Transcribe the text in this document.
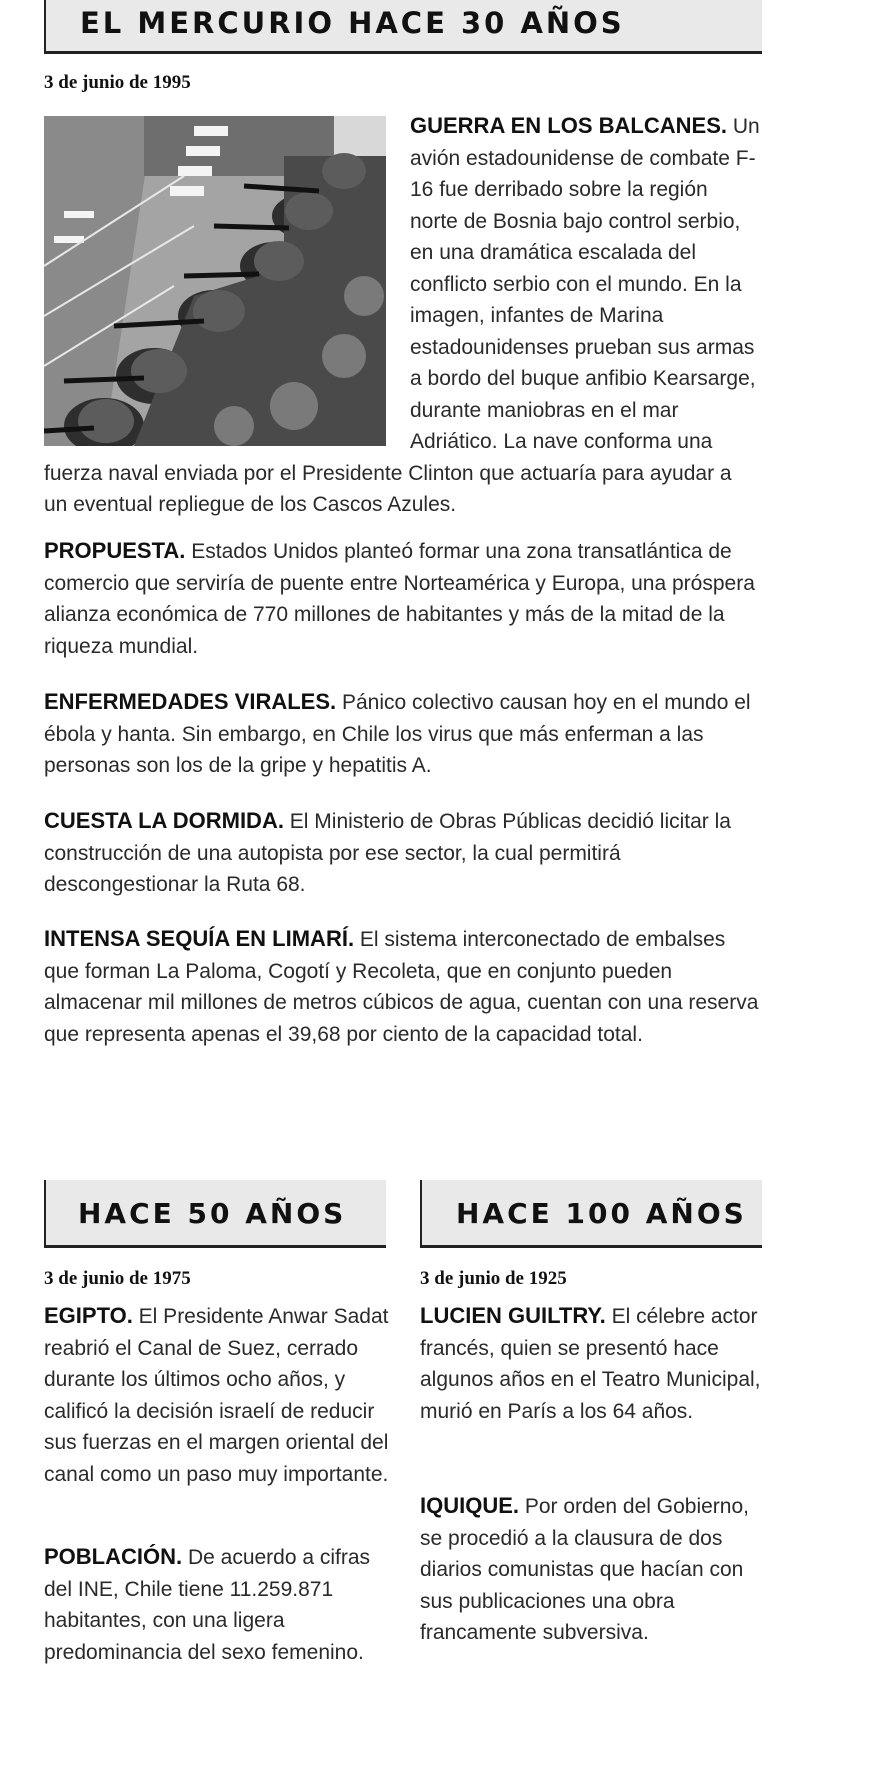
EL MERCURIO HACE 30 AÑOS
3 de junio de 1995

GUERRA EN LOS BALCANES. Un avión estadounidense de combate F-16 fue derribado sobre la región norte de Bosnia bajo control serbio, en una dramática escalada del conflicto serbio con el mundo. En la imagen, infantes de Marina estadounidenses prueban sus armas a bordo del buque anfibio Kearsarge, durante maniobras en el mar Adriático. La nave conforma una fuerza naval enviada por el Presidente Clinton que actuaría para ayudar a un eventual repliegue de los Cascos Azules.

PROPUESTA. Estados Unidos planteó formar una zona transatlántica de comercio que serviría de puente entre Norteamérica y Europa, una próspera alianza económica de 770 millones de habitantes y más de la mitad de la riqueza mundial.

ENFERMEDADES VIRALES. Pánico colectivo causan hoy en el mundo el ébola y hanta. Sin embargo, en Chile los virus que más enferman a las personas son los de la gripe y hepatitis A.

CUESTA LA DORMIDA. El Ministerio de Obras Públicas decidió licitar la construcción de una autopista por ese sector, la cual permitirá descongestionar la Ruta 68.

INTENSA SEQUÍA EN LIMARÍ. El sistema interconectado de embalses que forman La Paloma, Cogotí y Recoleta, que en conjunto pueden almacenar mil millones de metros cúbicos de agua, cuentan con una reserva que representa apenas el 39,68 por ciento de la capacidad total.

HACE 50 AÑOS
3 de junio de 1975

EGIPTO. El Presidente Anwar Sadat reabrió el Canal de Suez, cerrado durante los últimos ocho años, y calificó la decisión israelí de reducir sus fuerzas en el margen oriental del canal como un paso muy importante.

POBLACIÓN. De acuerdo a cifras del INE, Chile tiene 11.259.871 habitantes, con una ligera predominancia del sexo femenino.

HACE 100 AÑOS
3 de junio de 1925

LUCIEN GUILTRY. El célebre actor francés, quien se presentó hace algunos años en el Teatro Municipal, murió en París a los 64 años.

IQUIQUE. Por orden del Gobierno, se procedió a la clausura de dos diarios comunistas que hacían con sus publicaciones una obra francamente subversiva.
